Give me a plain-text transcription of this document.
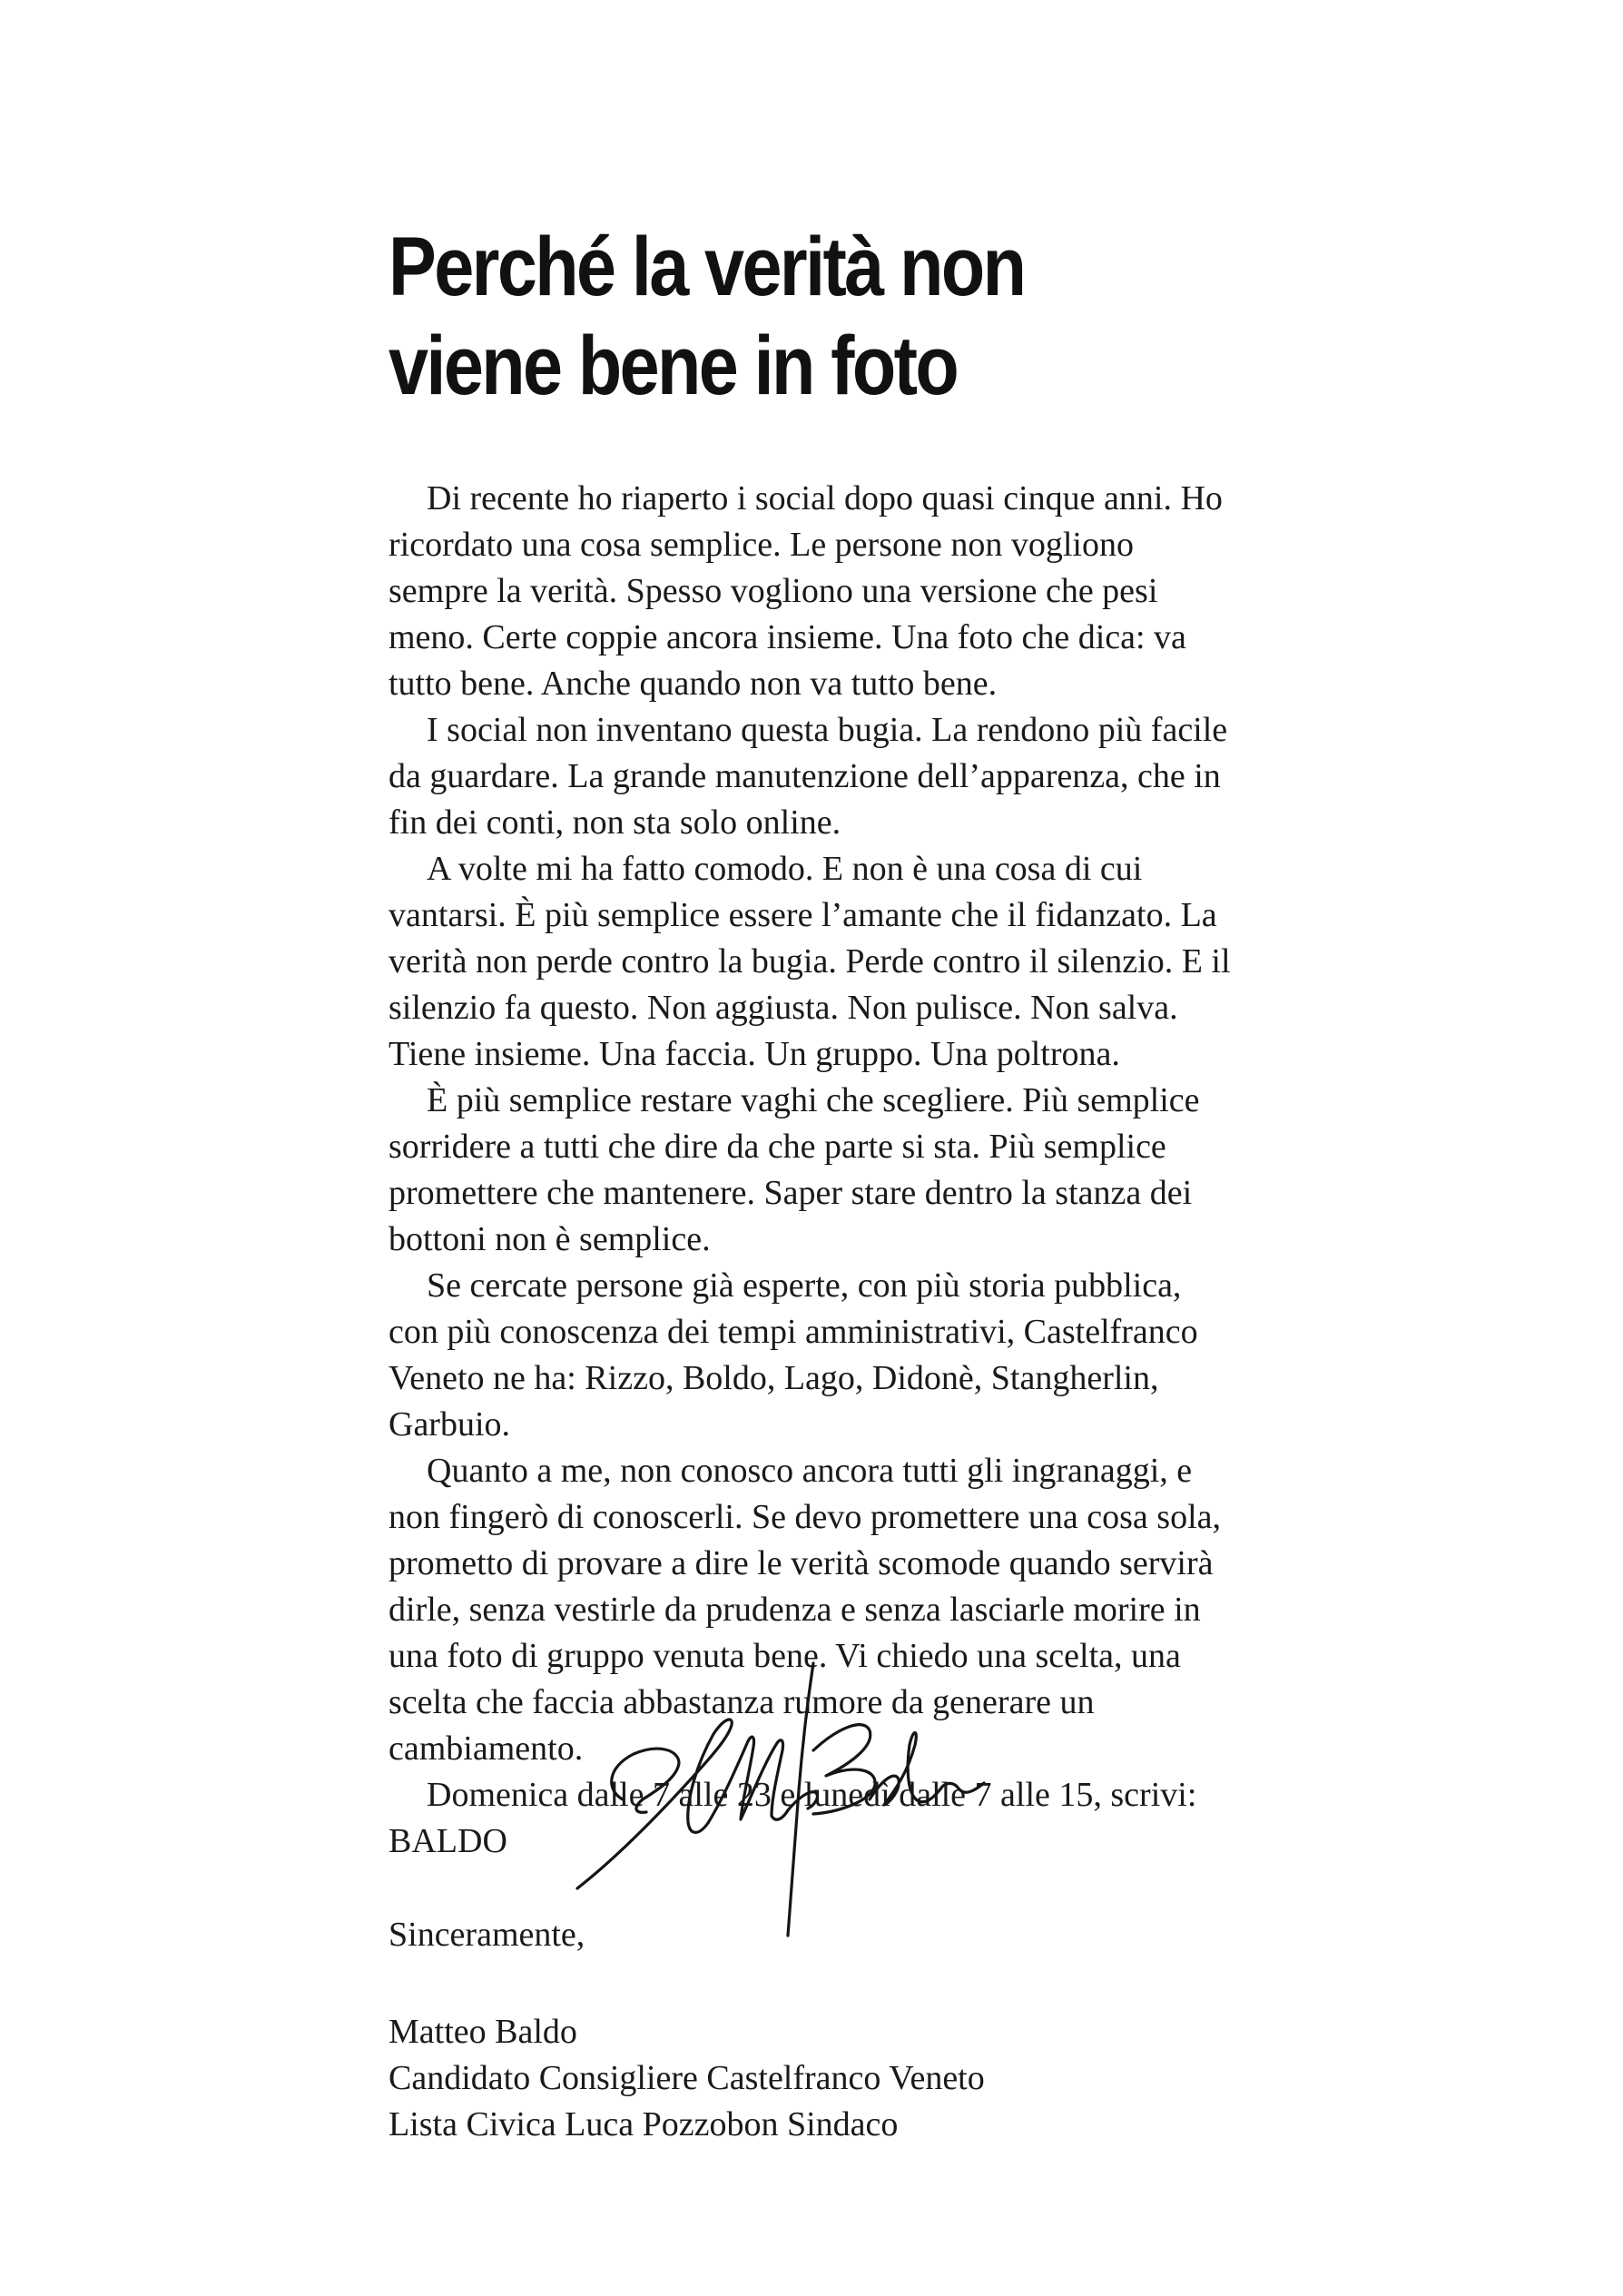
Perché la verità non viene bene in foto

Di recente ho riaperto i social dopo quasi cinque anni. Ho ricordato una cosa semplice. Le persone non vogliono sempre la verità. Spesso vogliono una versione che pesi meno. Certe coppie ancora insieme. Una foto che dica: va tutto bene. Anche quando non va tutto bene.

I social non inventano questa bugia. La rendono più facile da guardare. La grande manutenzione dell’apparenza, che in fin dei conti, non sta solo online.

A volte mi ha fatto comodo. E non è una cosa di cui vantarsi. È più semplice essere l’amante che il fidanzato. La verità non perde contro la bugia. Perde contro il silenzio. E il silenzio fa questo. Non aggiusta. Non pulisce. Non salva. Tiene insieme. Una faccia. Un gruppo. Una poltrona.

È più semplice restare vaghi che scegliere. Più semplice sorridere a tutti che dire da che parte si sta. Più semplice promettere che mantenere. Saper stare dentro la stanza dei bottoni non è semplice.

Se cercate persone già esperte, con più storia pubblica, con più conoscenza dei tempi amministrativi, Castelfranco Veneto ne ha: Rizzo, Boldo, Lago, Didonè, Stangherlin, Garbuio.

Quanto a me, non conosco ancora tutti gli ingranaggi, e non fingerò di conoscerli. Se devo promettere una cosa sola, prometto di provare a dire le verità scomode quando servirà dirle, senza vestirle da prudenza e senza lasciarle morire in una foto di gruppo venuta bene. Vi chiedo una scelta, una scelta che faccia abbastanza rumore da generare un cambiamento.

Domenica dalle 7 alle 23 e lunedì dalle 7 alle 15, scrivi: BALDO

Sinceramente,

Matteo Baldo

Candidato Consigliere Castelfranco Veneto

Lista Civica Luca Pozzobon Sindaco
